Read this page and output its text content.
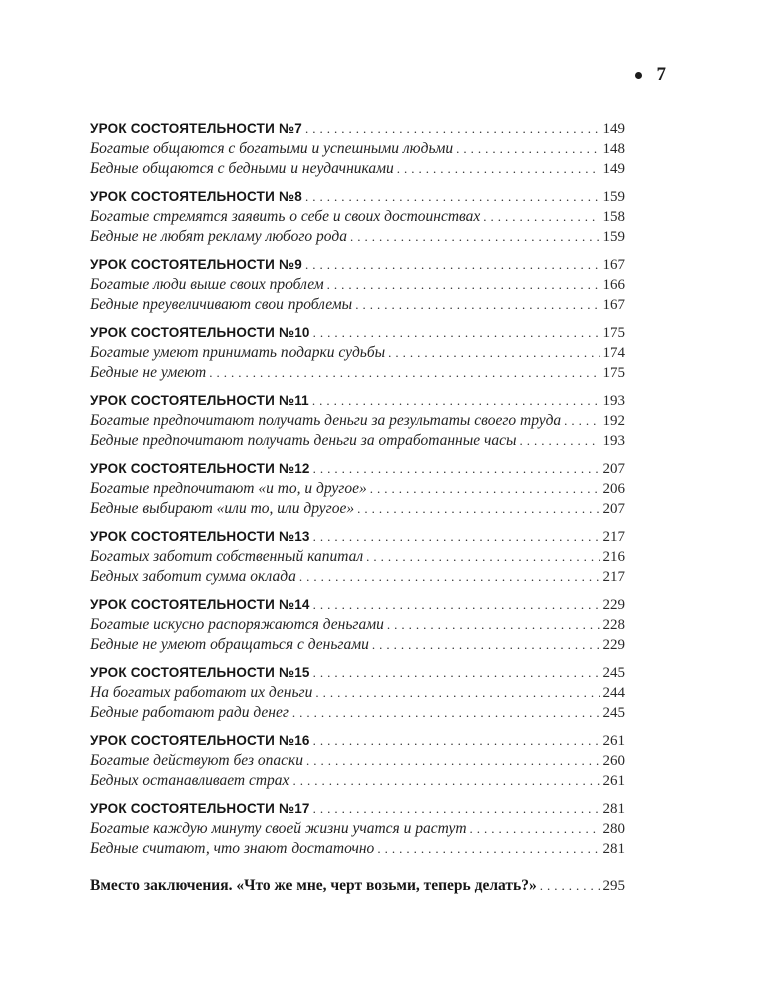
7
УРОК СОСТОЯТЕЛЬНОСТИ №7 .....	149
Богатые общаются с богатыми и успешными людьми .....	148
Бедные общаются с бедными и неудачниками .....	149
УРОК СОСТОЯТЕЛЬНОСТИ №8 .....	159
Богатые стремятся заявить о себе и своих достоинствах .....	158
Бедные не любят рекламу любого рода .....	159
УРОК СОСТОЯТЕЛЬНОСТИ №9 .....	167
Богатые люди выше своих проблем .....	166
Бедные преувеличивают свои проблемы .....	167
УРОК СОСТОЯТЕЛЬНОСТИ №10 .....	175
Богатые умеют принимать подарки судьбы .....	174
Бедные не умеют .....	175
УРОК СОСТОЯТЕЛЬНОСТИ №11 .....	193
Богатые предпочитают получать деньги за результаты своего труда .....	192
Бедные предпочитают получать деньги за отработанные часы .....	193
УРОК СОСТОЯТЕЛЬНОСТИ №12 .....	207
Богатые предпочитают «и то, и другое» .....	206
Бедные выбирают «или то, или другое» .....	207
УРОК СОСТОЯТЕЛЬНОСТИ №13 .....	217
Богатых заботит собственный капитал .....	216
Бедных заботит сумма оклада .....	217
УРОК СОСТОЯТЕЛЬНОСТИ №14 .....	229
Богатые искусно распоряжаются деньгами .....	228
Бедные не умеют обращаться с деньгами .....	229
УРОК СОСТОЯТЕЛЬНОСТИ №15 .....	245
На богатых работают их деньги .....	244
Бедные работают ради денег .....	245
УРОК СОСТОЯТЕЛЬНОСТИ №16 .....	261
Богатые действуют без опаски .....	260
Бедных останавливает страх .....	261
УРОК СОСТОЯТЕЛЬНОСТИ №17 .....	281
Богатые каждую минуту своей жизни учатся и растут .....	280
Бедные считают, что знают достаточно .....	281
Вместо заключения. «Что же мне, черт возьми, теперь делать?» .....	295
